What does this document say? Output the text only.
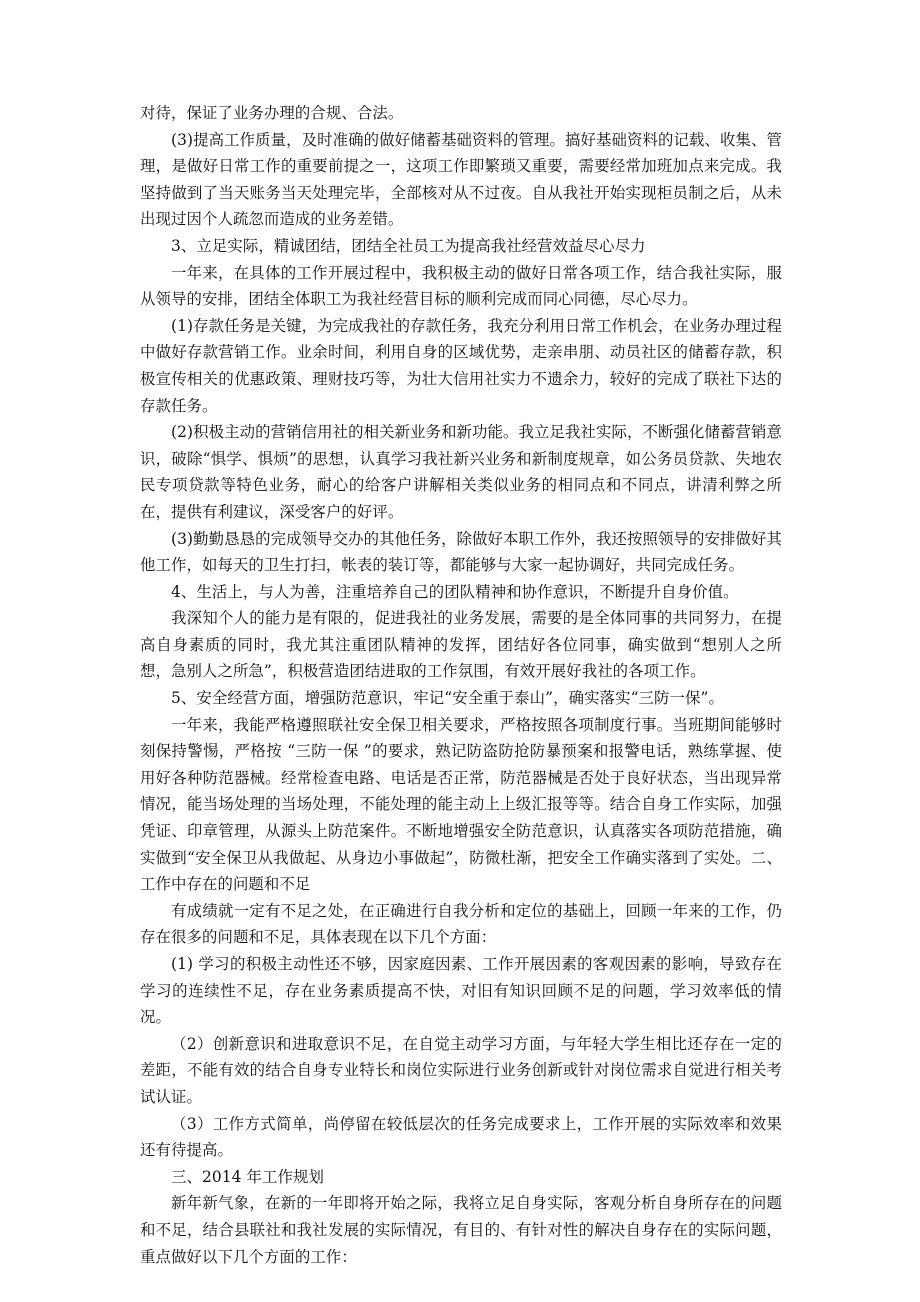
对待，保证了业务办理的合规、合法。

(3)提高工作质量，及时准确的做好储蓄基础资料的管理。搞好基础资料的记载、收集、管理，是做好日常工作的重要前提之一，这项工作即繁琐又重要，需要经常加班加点来完成。我坚持做到了当天账务当天处理完毕，全部核对从不过夜。自从我社开始实现柜员制之后，从未出现过因个人疏忽而造成的业务差错。

3、立足实际，精诚团结，团结全社员工为提高我社经营效益尽心尽力

一年来，在具体的工作开展过程中，我积极主动的做好日常各项工作，结合我社实际，服从领导的安排，团结全体职工为我社经营目标的顺利完成而同心同德，尽心尽力。

(1)存款任务是关键，为完成我社的存款任务，我充分利用日常工作机会，在业务办理过程中做好存款营销工作。业余时间，利用自身的区域优势，走亲串朋、动员社区的储蓄存款，积极宣传相关的优惠政策、理财技巧等，为壮大信用社实力不遗余力，较好的完成了联社下达的存款任务。

(2)积极主动的营销信用社的相关新业务和新功能。我立足我社实际，不断强化储蓄营销意识，破除“惧学、惧烦”的思想，认真学习我社新兴业务和新制度规章，如公务员贷款、失地农民专项贷款等特色业务，耐心的给客户讲解相关类似业务的相同点和不同点，讲清利弊之所在，提供有利建议，深受客户的好评。

(3)勤勤恳恳的完成领导交办的其他任务，除做好本职工作外，我还按照领导的安排做好其他工作，如每天的卫生打扫，帐表的装订等，都能够与大家一起协调好，共同完成任务。

4、生活上，与人为善，注重培养自己的团队精神和协作意识，不断提升自身价值。

我深知个人的能力是有限的，促进我社的业务发展，需要的是全体同事的共同努力，在提高自身素质的同时，我尤其注重团队精神的发挥，团结好各位同事，确实做到“想别人之所想，急别人之所急”，积极营造团结进取的工作氛围，有效开展好我社的各项工作。

5、安全经营方面，增强防范意识，牢记“安全重于泰山”，确实落实“三防一保”。

一年来，我能严格遵照联社安全保卫相关要求，严格按照各项制度行事。当班期间能够时刻保持警惕，严格按 “三防一保 ”的要求，熟记防盗防抢防暴预案和报警电话，熟练掌握、使用好各种防范器械。经常检查电路、电话是否正常，防范器械是否处于良好状态，当出现异常情况，能当场处理的当场处理，不能处理的能主动上上级汇报等等。结合自身工作实际，加强凭证、印章管理，从源头上防范案件。不断地增强安全防范意识，认真落实各项防范措施，确实做到“安全保卫从我做起、从身边小事做起”，防微杜渐，把安全工作确实落到了实处。二、工作中存在的问题和不足

有成绩就一定有不足之处，在正确进行自我分析和定位的基础上，回顾一年来的工作，仍存在很多的问题和不足，具体表现在以下几个方面：

(1) 学习的积极主动性还不够，因家庭因素、工作开展因素的客观因素的影响，导致存在学习的连续性不足，存在业务素质提高不快，对旧有知识回顾不足的问题，学习效率低的情况。

（2）创新意识和进取意识不足，在自觉主动学习方面，与年轻大学生相比还存在一定的差距，不能有效的结合自身专业特长和岗位实际进行业务创新或针对岗位需求自觉进行相关考试认证。

（3）工作方式简单，尚停留在较低层次的任务完成要求上，工作开展的实际效率和效果还有待提高。

三、2014 年工作规划

新年新气象，在新的一年即将开始之际，我将立足自身实际，客观分析自身所存在的问题和不足，结合县联社和我社发展的实际情况，有目的、有针对性的解决自身存在的实际问题，重点做好以下几个方面的工作：
